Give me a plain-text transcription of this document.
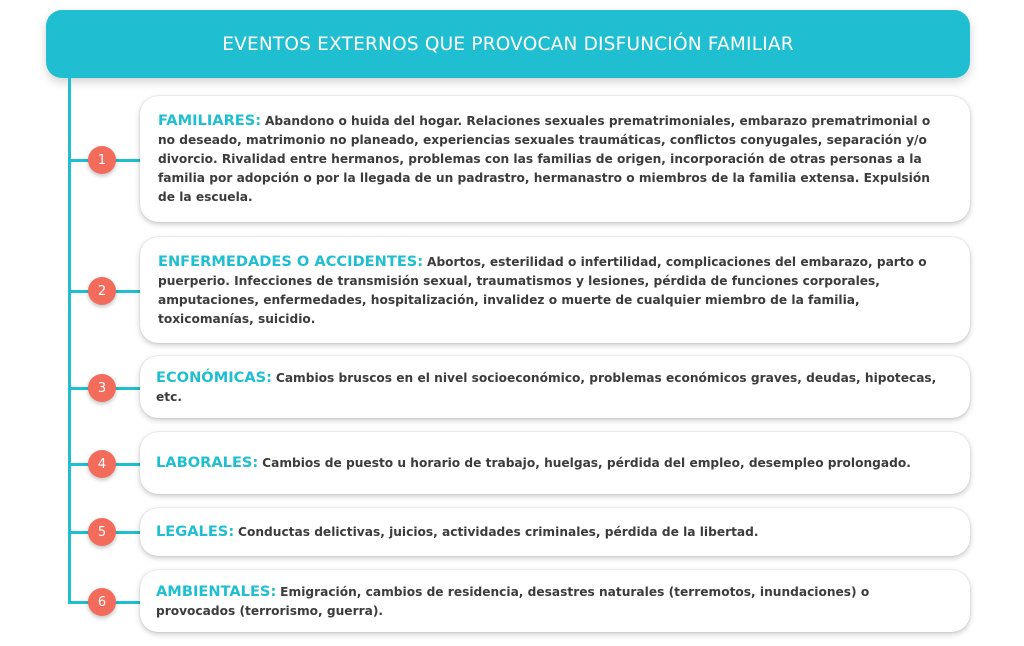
EVENTOS EXTERNOS QUE PROVOCAN DISFUNCIÓN FAMILIAR
1

FAMILIARES: Abandono o huida del hogar. Relaciones sexuales prematrimoniales, embarazo prematrimonial o no deseado, matrimonio no planeado, experiencias sexuales traumáticas, conflictos conyugales, separación y/o divorcio. Rivalidad entre hermanos, problemas con las familias de origen, incorporación de otras personas a la familia por adopción o por la llegada de un padrastro, hermanastro o miembros de la familia extensa. Expulsión de la escuela.

2

ENFERMEDADES O ACCIDENTES: Abortos, esterilidad o infertilidad, complicaciones del embarazo, parto o puerperio. Infecciones de transmisión sexual, traumatismos y lesiones, pérdida de funciones corporales, amputaciones, enfermedades, hospitalización, invalidez o muerte de cualquier miembro de la familia, toxicomanías, suicidio.

3

ECONÓMICAS: Cambios bruscos en el nivel socioeconómico, problemas económicos graves, deudas, hipotecas, etc.

4	LABORALES: Cambios de puesto u horario de trabajo, huelgas, pérdida del empleo, desempleo prolongado.

5	LEGALES: Conductas delictivas, juicios, actividades criminales, pérdida de la libertad.

6

AMBIENTALES: Emigración, cambios de residencia, desastres naturales (terremotos, inundaciones) o provocados (terrorismo, guerra).
